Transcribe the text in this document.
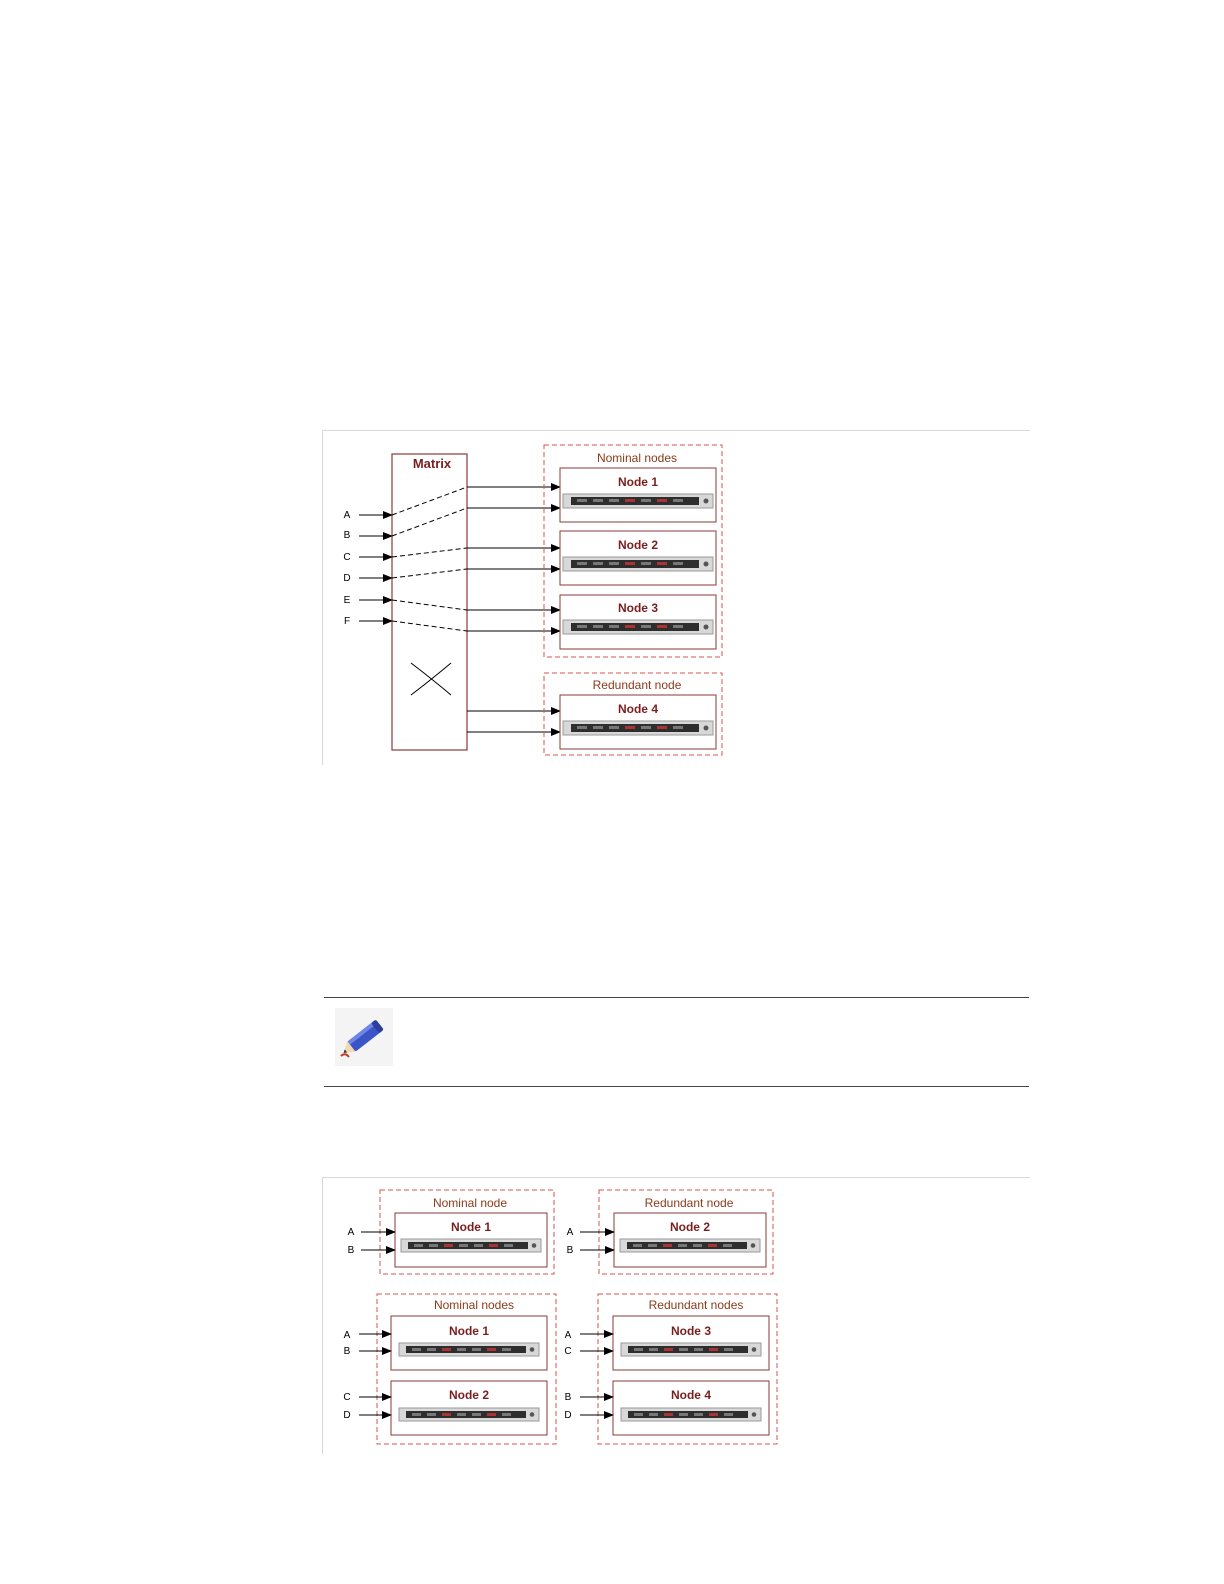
Matrix
A
B
C
D
E
F
Nominal nodes
Node 1
Node 2
Node 3
Redundant node
Node 4
Nominal node
Node 1
A
B
Redundant node
Node 2
A
B
Nominal nodes
Node 1
Node 2
A
B
C
D
Redundant nodes
Node 3
Node 4
A
C
B
D
